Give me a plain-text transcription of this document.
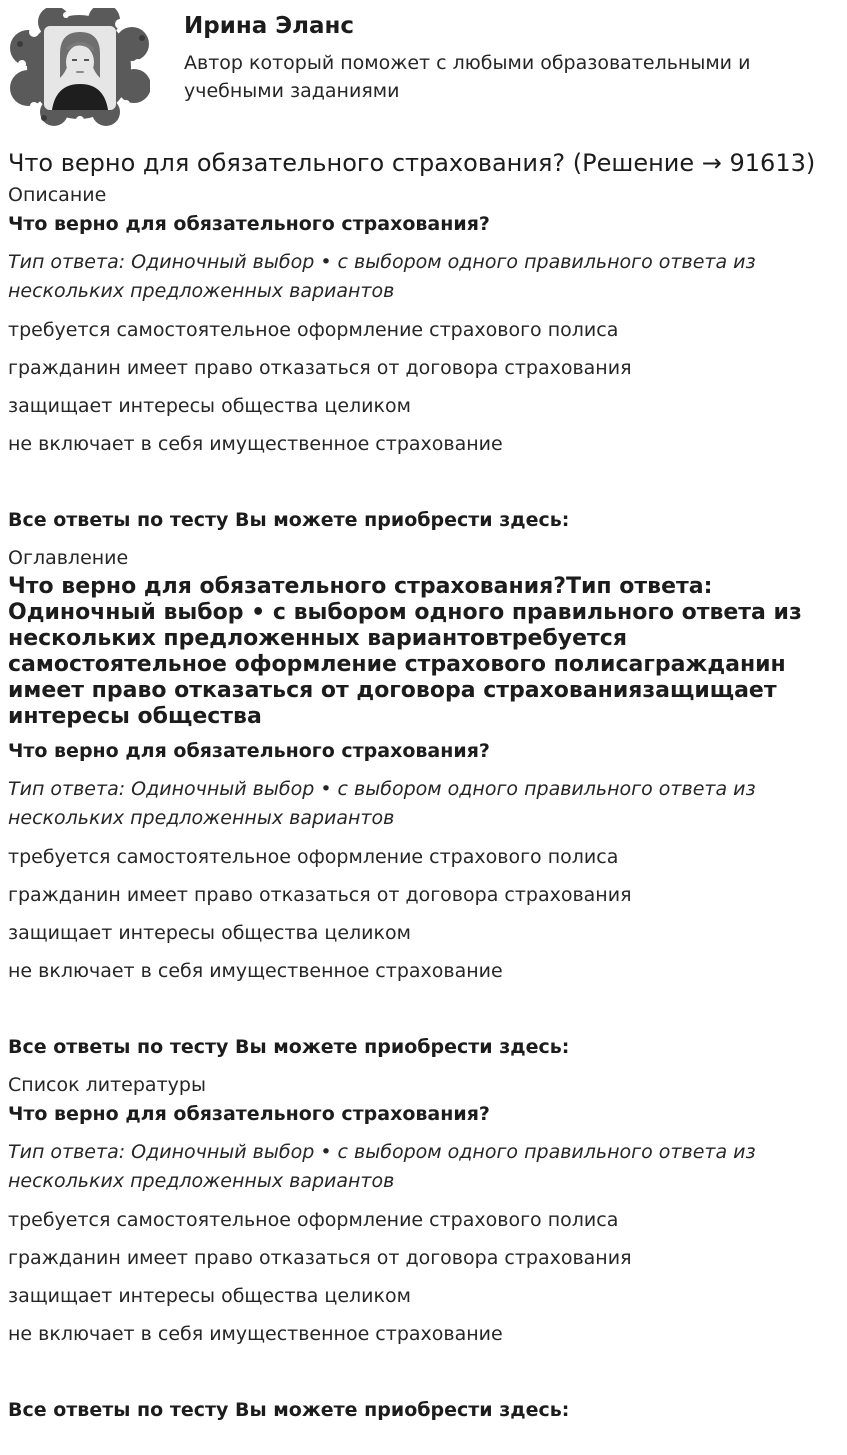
Ирина Эланс
Автор который поможет с любыми образовательными и учебными заданиями
Что верно для обязательного страхования? (Решение → 91613)
Описание
Что верно для обязательного страхования?
Тип ответа: Одиночный выбор • с выбором одного правильного ответа из нескольких предложенных вариантов
требуется самостоятельное оформление страхового полиса
гражданин имеет право отказаться от договора страхования
защищает интересы общества целиком
не включает в себя имущественное страхование
Все ответы по тесту Вы можете приобрести здесь:
Оглавление
Что верно для обязательного страхования?Тип ответа: Одиночный выбор • с выбором одного правильного ответа из нескольких предложенных вариантовтребуется самостоятельное оформление страхового полисагражданин имеет право отказаться от договора страхованиязащищает интересы общества
Что верно для обязательного страхования?
Тип ответа: Одиночный выбор • с выбором одного правильного ответа из нескольких предложенных вариантов
требуется самостоятельное оформление страхового полиса
гражданин имеет право отказаться от договора страхования
защищает интересы общества целиком
не включает в себя имущественное страхование
Все ответы по тесту Вы можете приобрести здесь:
Список литературы
Что верно для обязательного страхования?
Тип ответа: Одиночный выбор • с выбором одного правильного ответа из нескольких предложенных вариантов
требуется самостоятельное оформление страхового полиса
гражданин имеет право отказаться от договора страхования
защищает интересы общества целиком
не включает в себя имущественное страхование
Все ответы по тесту Вы можете приобрести здесь:
